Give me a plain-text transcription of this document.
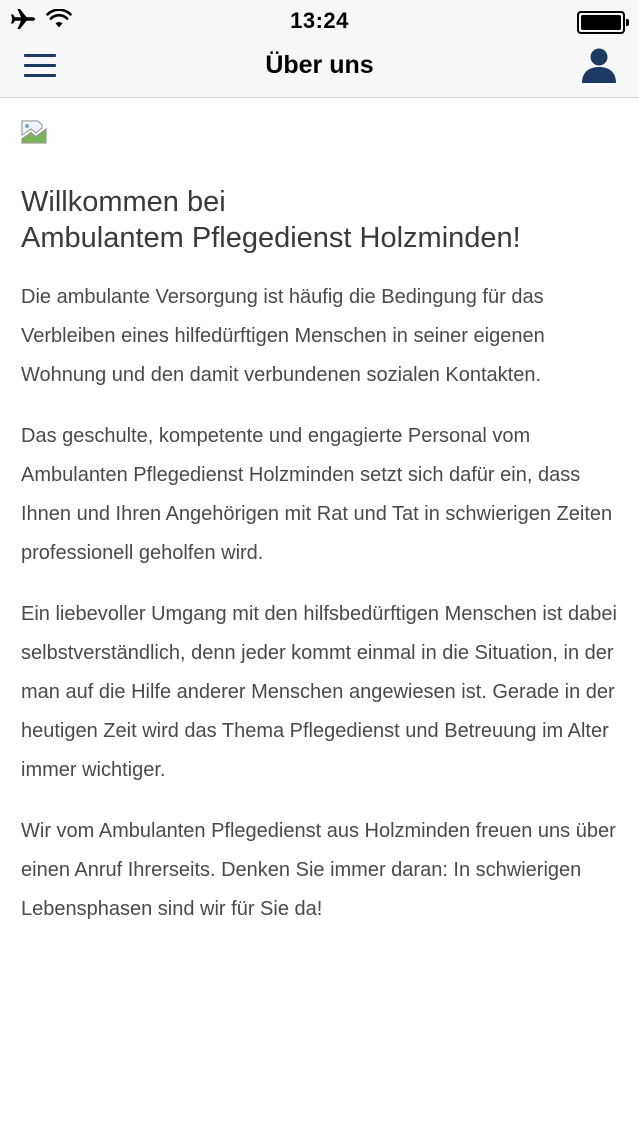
13:24
Über uns
Willkommen bei
Ambulantem Pflegedienst Holzminden!

Die ambulante Versorgung ist häufig die Bedingung für das Verbleiben eines hilfedürftigen Menschen in seiner eigenen Wohnung und den damit verbundenen sozialen Kontakten.

Das geschulte, kompetente und engagierte Personal vom Ambulanten Pflegedienst Holzminden setzt sich dafür ein, dass Ihnen und Ihren Angehörigen mit Rat und Tat in schwierigen Zeiten professionell geholfen wird.

Ein liebevoller Umgang mit den hilfsbedürftigen Menschen ist dabei selbstverständlich, denn jeder kommt einmal in die Situation, in der man auf die Hilfe anderer Menschen angewiesen ist. Gerade in der heutigen Zeit wird das Thema Pflegedienst und Betreuung im Alter immer wichtiger.

Wir vom Ambulanten Pflegedienst aus Holzminden freuen uns über einen Anruf Ihrerseits. Denken Sie immer daran: In schwierigen Lebensphasen sind wir für Sie da!
